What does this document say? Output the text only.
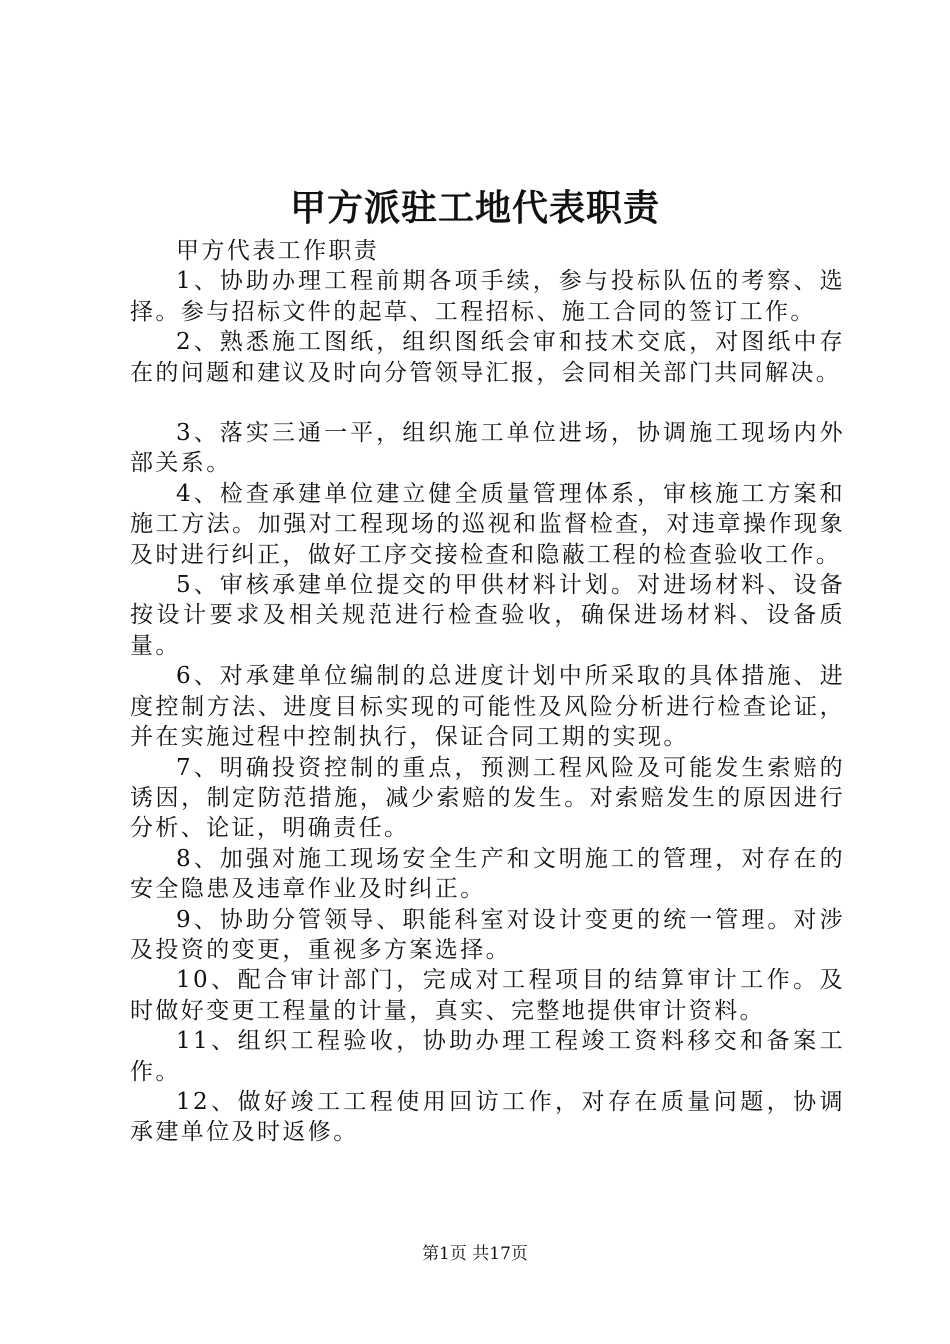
甲方派驻工地代表职责

甲方代表工作职责

1、协助办理工程前期各项手续，参与投标队伍的考察、选择。参与招标文件的起草、工程招标、施工合同的签订工作。

2、熟悉施工图纸，组织图纸会审和技术交底，对图纸中存在的问题和建议及时向分管领导汇报，会同相关部门共同解决。

3、落实三通一平，组织施工单位进场，协调施工现场内外部关系。

4、检查承建单位建立健全质量管理体系，审核施工方案和施工方法。加强对工程现场的巡视和监督检查，对违章操作现象及时进行纠正，做好工序交接检查和隐蔽工程的检查验收工作。

5、审核承建单位提交的甲供材料计划。对进场材料、设备按设计要求及相关规范进行检查验收，确保进场材料、设备质量。

6、对承建单位编制的总进度计划中所采取的具体措施、进度控制方法、进度目标实现的可能性及风险分析进行检查论证，并在实施过程中控制执行，保证合同工期的实现。

7、明确投资控制的重点，预测工程风险及可能发生索赔的诱因，制定防范措施，减少索赔的发生。对索赔发生的原因进行分析、论证，明确责任。

8、加强对施工现场安全生产和文明施工的管理，对存在的安全隐患及违章作业及时纠正。

9、协助分管领导、职能科室对设计变更的统一管理。对涉及投资的变更，重视多方案选择。

10、配合审计部门，完成对工程项目的结算审计工作。及时做好变更工程量的计量，真实、完整地提供审计资料。

11、组织工程验收，协助办理工程竣工资料移交和备案工作。

12、做好竣工工程使用回访工作，对存在质量问题，协调承建单位及时返修。

第1页 共17页
